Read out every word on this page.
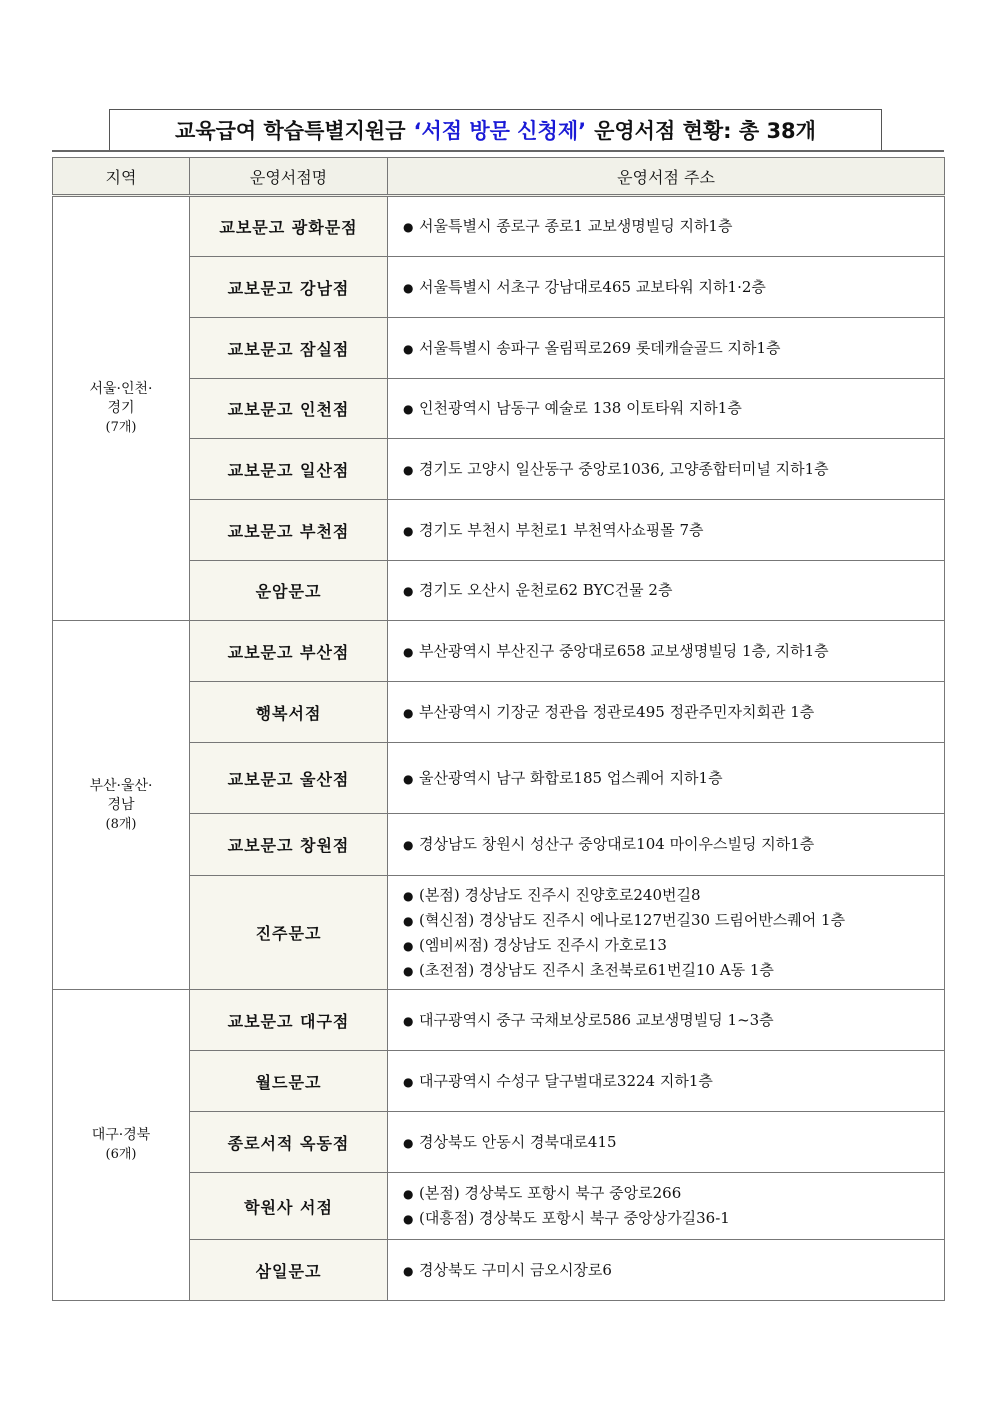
교육급여 학습특별지원금 ‘서점 방문 신청제’ 운영서점 현황: 총 38개
지역	운영서점명	운영서점 주소

서울·인천·
경기
(7개)	교보문고 광화문점	● 서울특별시 종로구 종로1 교보생명빌딩 지하1층

	교보문고 강남점	● 서울특별시 서초구 강남대로465 교보타워 지하1·2층

	교보문고 잠실점	● 서울특별시 송파구 올림픽로269 롯데캐슬골드 지하1층

	교보문고 인천점	● 인천광역시 남동구 예술로 138 이토타워 지하1층

	교보문고 일산점	● 경기도 고양시 일산동구 중앙로1036, 고양종합터미널 지하1층

	교보문고 부천점	● 경기도 부천시 부천로1 부천역사쇼핑몰 7층

	운암문고	● 경기도 오산시 운천로62 BYC건물 2층

부산·울산·
경남
(8개)	교보문고 부산점	● 부산광역시 부산진구 중앙대로658 교보생명빌딩 1층, 지하1층

	행복서점	● 부산광역시 기장군 정관읍 정관로495 정관주민자치회관 1층

	교보문고 울산점	● 울산광역시 남구 화합로185 업스퀘어 지하1층

	교보문고 창원점	● 경상남도 창원시 성산구 중앙대로104 마이우스빌딩 지하1층

	진주문고	● (본점) 경상남도 진주시 진양호로240번길8
● (혁신점) 경상남도 진주시 에나로127번길30 드림어반스퀘어 1층
● (엠비씨점) 경상남도 진주시 가호로13
● (초전점) 경상남도 진주시 초전북로61번길10 A동 1층

대구·경북
(6개)	교보문고 대구점	● 대구광역시 중구 국채보상로586 교보생명빌딩 1~3층

	월드문고	● 대구광역시 수성구 달구벌대로3224 지하1층

	종로서적 옥동점	● 경상북도 안동시 경북대로415

	학원사 서점	● (본점) 경상북도 포항시 북구 중앙로266
● (대흥점) 경상북도 포항시 북구 중앙상가길36-1

	삼일문고	● 경상북도 구미시 금오시장로6
